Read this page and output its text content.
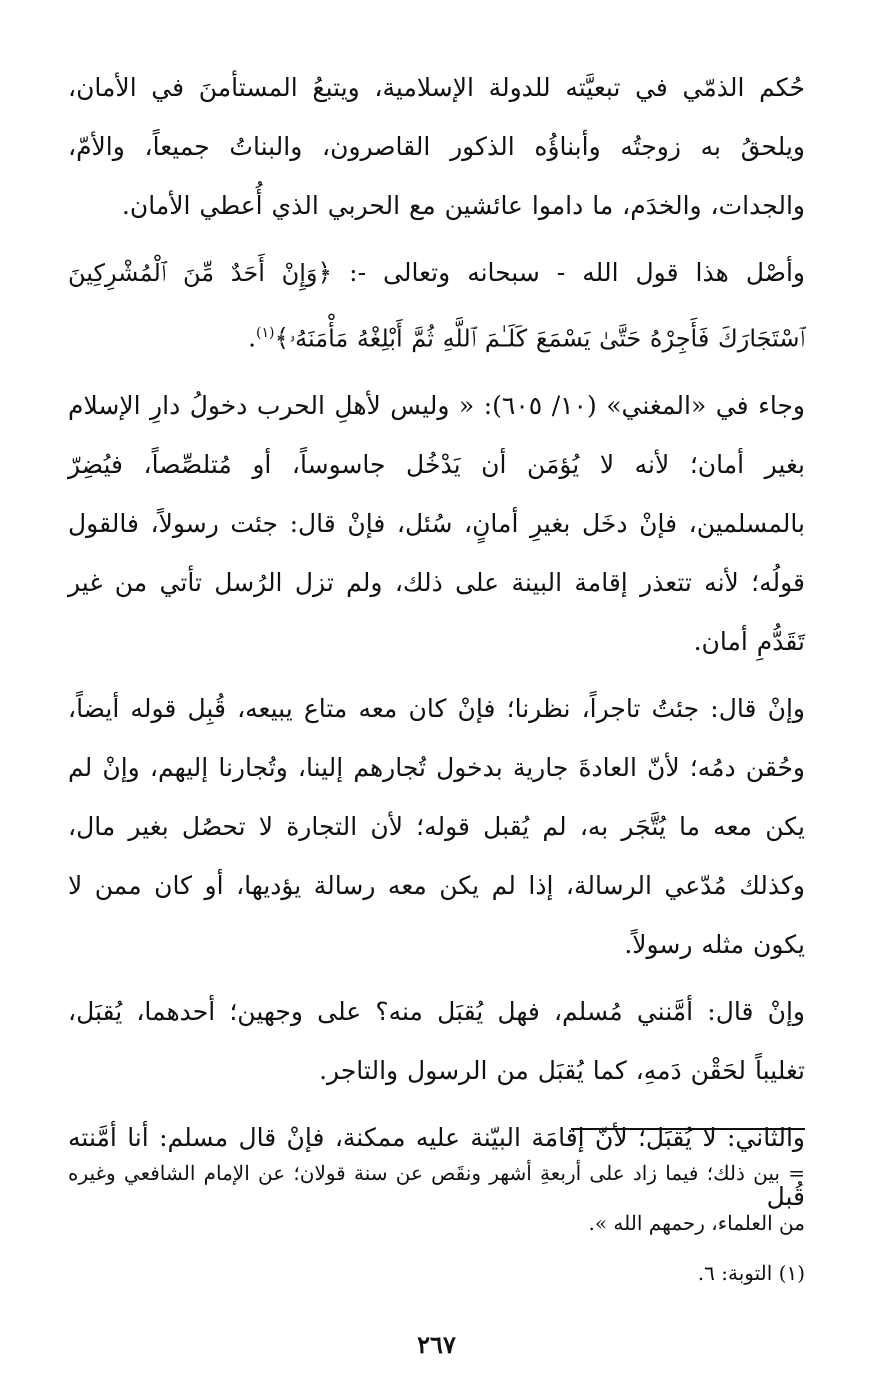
حُكم الذمّي في تبعيَّته للدولة الإسلامية، ويتبعُ المستأمنَ في الأمان، ويلحقُ به زوجتُه وأبناؤُه الذكور القاصرون، والبناتُ جميعاً، والأمّ، والجدات، والخدَم، ما داموا عائشين مع الحربي الذي أُعطي الأمان.

وأصْل هذا قول الله - سبحانه وتعالى -: ﴿وَإِنْ أَحَدٌ مِّنَ ٱلْمُشْرِكِينَ ٱسْتَجَارَكَ فَأَجِرْهُ حَتَّىٰ يَسْمَعَ كَلَـٰمَ ٱللَّهِ ثُمَّ أَبْلِغْهُ مَأْمَنَهُۥ﴾$^{(١)}$.

وجاء في «المغني» (١٠/ ٦٠٥): « وليس لأهلِ الحرب دخولُ دارِ الإسلام بغير أمان؛ لأنه لا يُؤمَن أن يَدْخُل جاسوساً، أو مُتلصِّصاً، فيُضِرّ بالمسلمين، فإنْ دخَل بغيرِ أمانٍ، سُئل، فإنْ قال: جئت رسولاً، فالقول قولُه؛ لأنه تتعذر إقامة البينة على ذلك، ولم تزل الرُسل تأتي من غير تَقَدُّمِ أمان.

وإنْ قال: جئتُ تاجراً، نظرنا؛ فإنْ كان معه متاع يبيعه، قُبِل قوله أيضاً، وحُقن دمُه؛ لأنّ العادةَ جارية بدخول تُجارهم إلينا، وتُجارنا إليهم، وإنْ لم يكن معه ما يُتَّجَر به، لم يُقبل قوله؛ لأن التجارة لا تحصُل بغير مال، وكذلك مُدّعي الرسالة، إذا لم يكن معه رسالة يؤديها، أو كان ممن لا يكون مثله رسولاً.

وإنْ قال: أمَّنني مُسلم، فهل يُقبَل منه؟ على وجهين؛ أحدهما، يُقبَل، تغليباً لحَقْن دَمهِ، كما يُقبَل من الرسول والتاجر.

والثاني: لا يُقبَل؛ لأنّ إقامَة البيّنة عليه ممكنة، فإنْ قال مسلم: أنا أمَّنته قُبل

= بين ذلك؛ فيما زاد على أربعةِ أشهر ونقَص عن سنة قولان؛ عن الإمام الشافعي وغيره من العلماء، رحمهم الله ».

(١) التوبة: ٦.

٢٦٧
